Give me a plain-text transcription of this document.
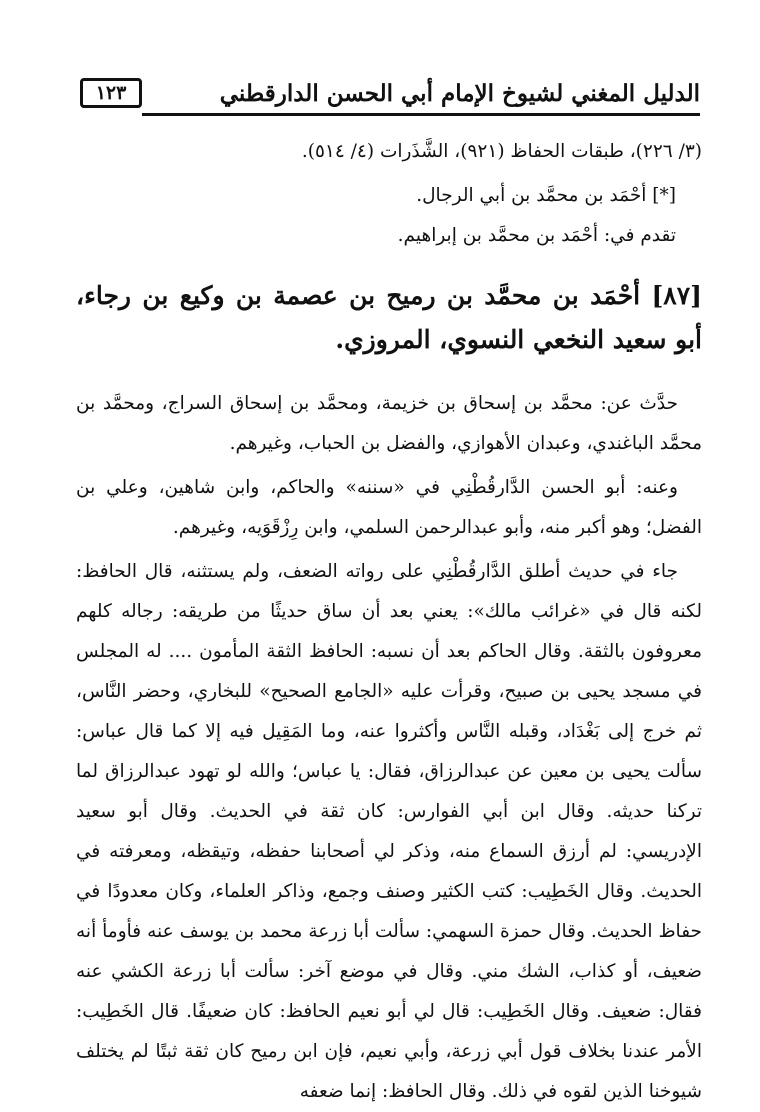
١٢٣	الدليل المغني لشيوخ الإمام أبي الحسن الدارقطني

(٣/ ٢٢٦)، طبقات الحفاظ (٩٢١)، الشَّذَرات (٤/ ٥١٤).

[*] أحْمَد بن محمَّد بن أبي الرجال.

تقدم في: أحْمَد بن محمَّد بن إبراهيم.

[٨٧] أحْمَد بن محمَّد بن رميح بن عصمة بن وكيع بن رجاء، أبو سعيد النخعي النسوي، المروزي.

حدَّث عن: محمَّد بن إسحاق بن خزيمة، ومحمَّد بن إسحاق السراج، ومحمَّد بن محمَّد الباغندي، وعبدان الأهوازي، والفضل بن الحباب، وغيرهم.

وعنه: أبو الحسن الدَّارقُطْنِي في «سننه» والحاكم، وابن شاهين، وعلي بن الفضل؛ وهو أكبر منه، وأبو عبدالرحمن السلمي، وابن رِزْقَوَيه، وغيرهم.

جاء في حديث أطلق الدَّارقُطْنِي على رواته الضعف، ولم يستثنه، قال الحافظ: لكنه قال في «غرائب مالك»: يعني بعد أن ساق حديثًا من طريقه: رجاله كلهم معروفون بالثقة. وقال الحاكم بعد أن نسبه: الحافظ الثقة المأمون .... له المجلس في مسجد يحيى بن صبيح، وقرأت عليه «الجامع الصحيح» للبخاري، وحضر النَّاس، ثم خرج إلى بَغْدَاد، وقبله النَّاس وأكثروا عنه، وما المَقِيل فيه إلا كما قال عباس: سألت يحيى بن معين عن عبدالرزاق، فقال: يا عباس؛ والله لو تهود عبدالرزاق لما تركنا حديثه. وقال ابن أبي الفوارس: كان ثقة في الحديث. وقال أبو سعيد الإدريسي: لم أرزق السماع منه، وذكر لي أصحابنا حفظه، وتيقظه، ومعرفته في الحديث. وقال الخَطِيب: كتب الكثير وصنف وجمع، وذاكر العلماء، وكان معدودًا في حفاظ الحديث. وقال حمزة السهمي: سألت أبا زرعة محمد بن يوسف عنه فأومأ أنه ضعيف، أو كذاب، الشك مني. وقال في موضع آخر: سألت أبا زرعة الكشي عنه فقال: ضعيف. وقال الخَطِيب: قال لي أبو نعيم الحافظ: كان ضعيفًا. قال الخَطِيب: الأمر عندنا بخلاف قول أبي زرعة، وأبي نعيم، فإن ابن رميح كان ثقة ثبتًا لم يختلف شيوخنا الذين لقوه في ذلك. وقال الحافظ: إنما ضعفه
